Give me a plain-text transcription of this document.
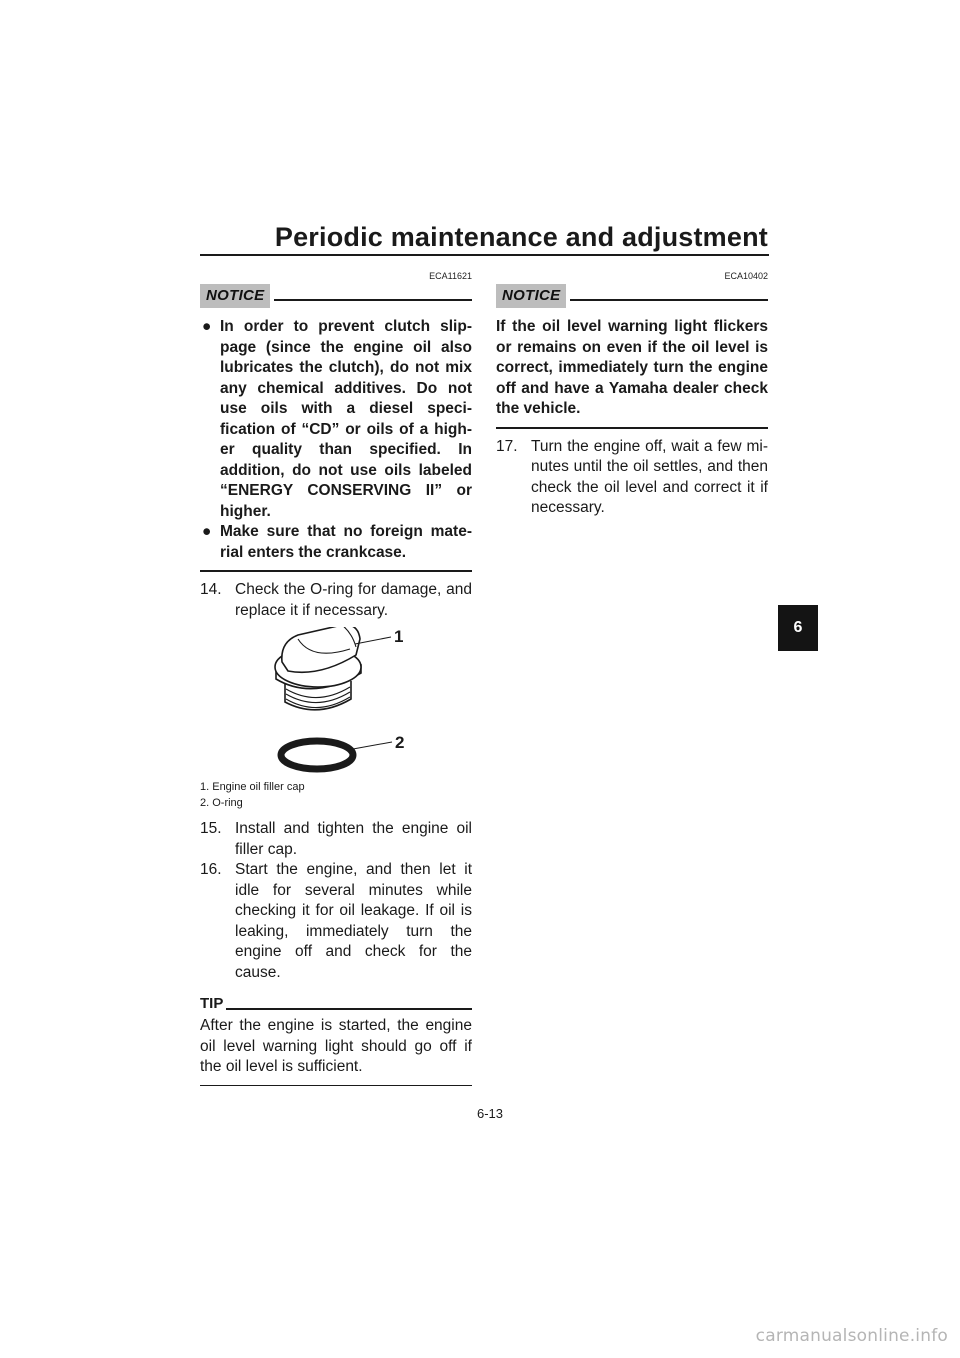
Periodic maintenance and adjustment
6
ECA11621
NOTICE
● In order to prevent clutch slip-page (since the engine oil also lubricates the clutch), do not mix any chemical additives. Do not use oils with a diesel speci-fication of “CD” or oils of a high-er quality than specified. In addition, do not use oils labeled “ENERGY CONSERVING II” or higher.
● Make sure that no foreign mate-rial enters the crankcase.
14. Check the O-ring for damage, and replace it if necessary.
1
2
1. Engine oil filler cap
2. O-ring
15. Install and tighten the engine oil filler cap.
16. Start the engine, and then let it idle for several minutes while checking it for oil leakage. If oil is leaking, immediately turn the engine off and check for the cause.
TIP
After the engine is started, the engine oil level warning light should go off if the oil level is sufficient.
ECA10402
NOTICE
If the oil level warning light flickers or remains on even if the oil level is correct, immediately turn the engine off and have a Yamaha dealer check the vehicle.
17. Turn the engine off, wait a few mi-nutes until the oil settles, and then check the oil level and correct it if necessary.
6-13
carmanualsonline.info
